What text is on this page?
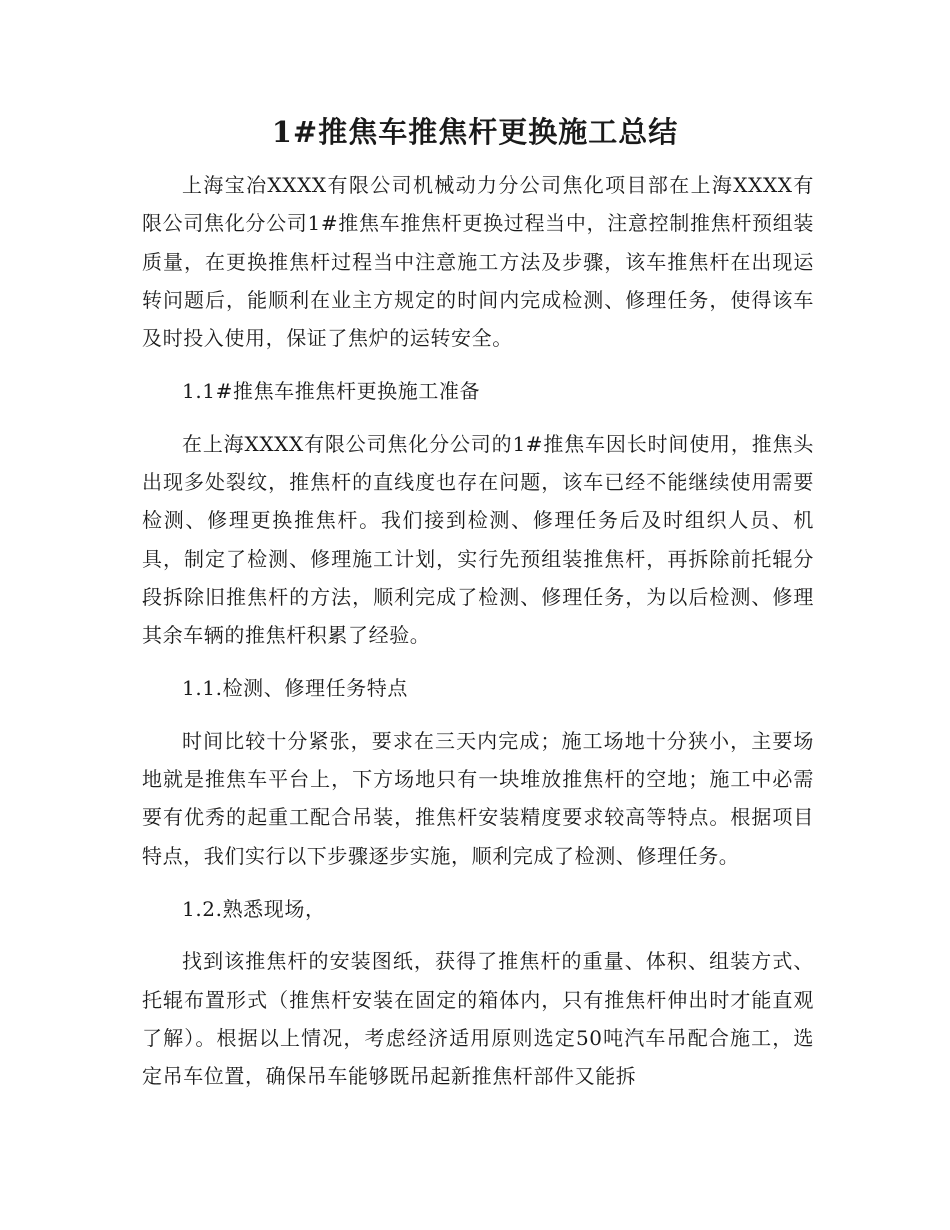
1#推焦车推焦杆更换施工总结

上海宝冶XXXX有限公司机械动力分公司焦化项目部在上海XXXX有限公司焦化分公司1#推焦车推焦杆更换过程当中，注意控制推焦杆预组装质量，在更换推焦杆过程当中注意施工方法及步骤，该车推焦杆在出现运转问题后，能顺利在业主方规定的时间内完成检测、修理任务，使得该车及时投入使用，保证了焦炉的运转安全。

1.1#推焦车推焦杆更换施工准备

在上海XXXX有限公司焦化分公司的1#推焦车因长时间使用，推焦头出现多处裂纹，推焦杆的直线度也存在问题，该车已经不能继续使用需要检测、修理更换推焦杆。我们接到检测、修理任务后及时组织人员、机具，制定了检测、修理施工计划，实行先预组装推焦杆，再拆除前托辊分段拆除旧推焦杆的方法，顺利完成了检测、修理任务，为以后检测、修理其余车辆的推焦杆积累了经验。

1.1.检测、修理任务特点

时间比较十分紧张，要求在三天内完成；施工场地十分狭小，主要场地就是推焦车平台上，下方场地只有一块堆放推焦杆的空地；施工中必需要有优秀的起重工配合吊装，推焦杆安装精度要求较高等特点。根据项目特点，我们实行以下步骤逐步实施，顺利完成了检测、修理任务。

1.2.熟悉现场，

找到该推焦杆的安装图纸，获得了推焦杆的重量、体积、组装方式、托辊布置形式（推焦杆安装在固定的箱体内，只有推焦杆伸出时才能直观了解）。根据以上情况，考虑经济适用原则选定50吨汽车吊配合施工，选定吊车位置，确保吊车能够既吊起新推焦杆部件又能拆
